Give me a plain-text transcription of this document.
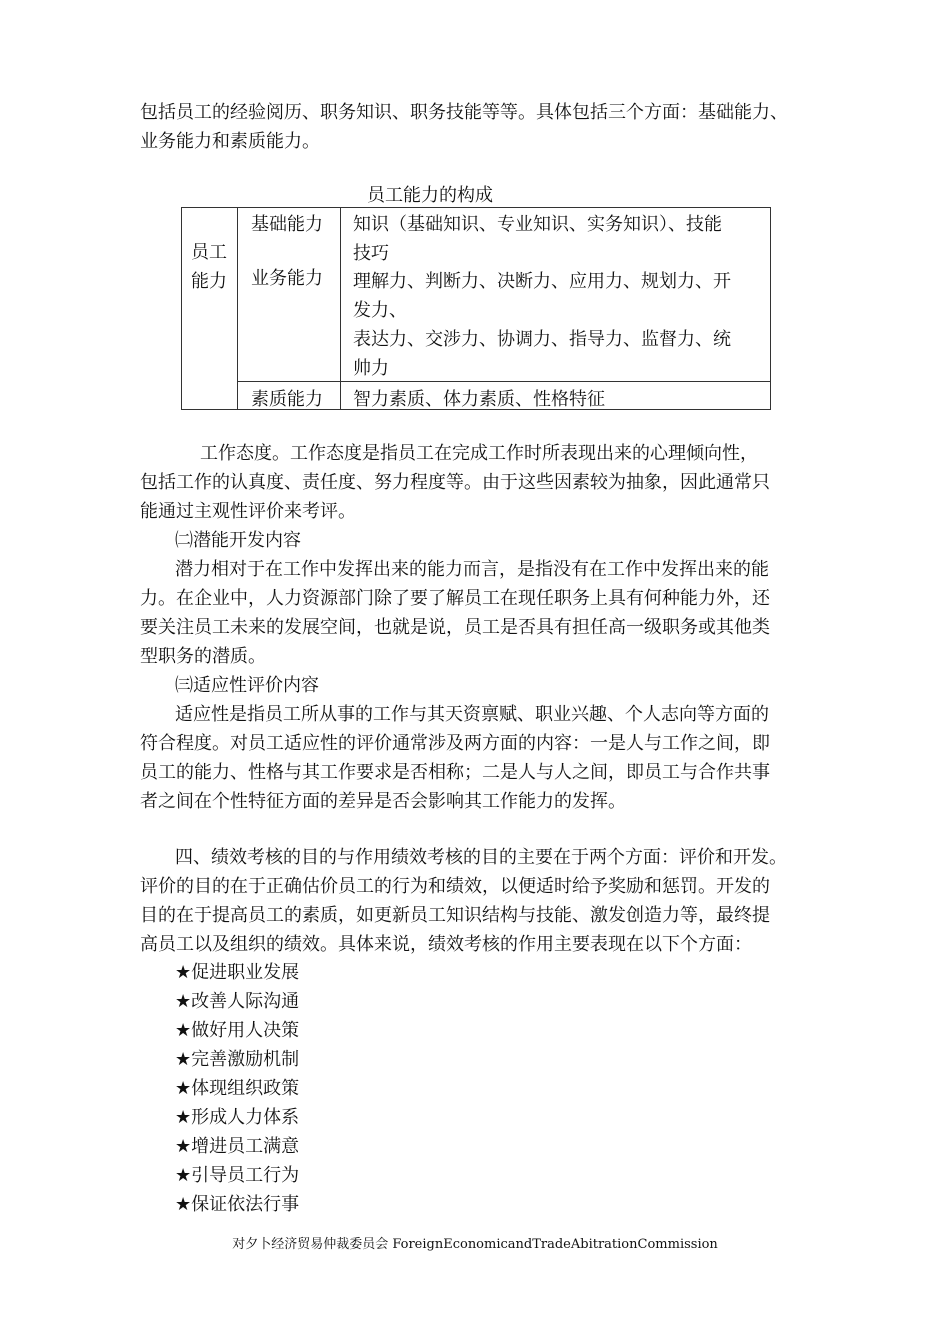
包括员工的经验阅历、职务知识、职务技能等等。具体包括三个方面：基础能力、
业务能力和素质能力。
员工能力的构成
员工
能力
基础能力 知识（基础知识、专业知识、实务知识）、技能
技巧
业务能力 理解力、判断力、决断力、应用力、规划力、开
发力、
表达力、交涉力、协调力、指导力、监督力、统
帅力
素质能力 智力素质、体力素质、性格特征
工作态度。工作态度是指员工在完成工作时所表现出来的心理倾向性，
包括工作的认真度、责任度、努力程度等。由于这些因素较为抽象，因此通常只
能通过主观性评价来考评。
㈡潜能开发内容
潜力相对于在工作中发挥出来的能力而言，是指没有在工作中发挥出来的能
力。在企业中，人力资源部门除了要了解员工在现任职务上具有何种能力外，还
要关注员工未来的发展空间，也就是说，员工是否具有担任高一级职务或其他类
型职务的潜质。
㈢适应性评价内容
适应性是指员工所从事的工作与其天资禀赋、职业兴趣、个人志向等方面的
符合程度。对员工适应性的评价通常涉及两方面的内容：一是人与工作之间，即
员工的能力、性格与其工作要求是否相称；二是人与人之间，即员工与合作共事
者之间在个性特征方面的差异是否会影响其工作能力的发挥。
四、绩效考核的目的与作用绩效考核的目的主要在于两个方面：评价和开发。
评价的目的在于正确估价员工的行为和绩效，以便适时给予奖励和惩罚。开发的
目的在于提高员工的素质，如更新员工知识结构与技能、激发创造力等，最终提
高员工以及组织的绩效。具体来说，绩效考核的作用主要表现在以下个方面：
★促进职业发展
★改善人际沟通
★做好用人决策
★完善激励机制
★体现组织政策
★形成人力体系
★增进员工满意
★引导员工行为
★保证依法行事
对夕卜经济贸易仲裁委员会 ForeignEconomicandTradeAbitrationCommission
